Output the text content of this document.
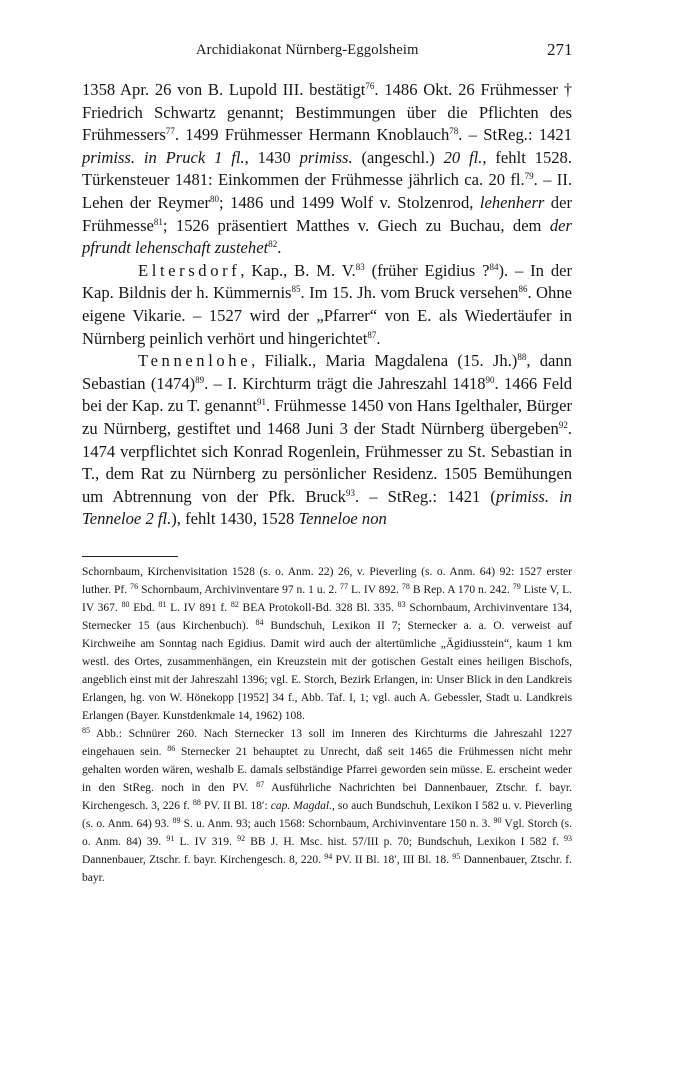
Archidiakonat Nürnberg-Eggolsheim	271

1358 Apr. 26 von B. Lupold III. bestätigt$^{76}$. 1486 Okt. 26 Frühmesser † Friedrich Schwartz genannt; Bestimmungen über die Pflichten des Frühmessers$^{77}$. 1499 Frühmesser Hermann Knoblauch$^{78}$. – StReg.: 1421 primiss. in Pruck 1 fl., 1430 primiss. (angeschl.) 20 fl., fehlt 1528. Türkensteuer 1481: Einkommen der Frühmesse jährlich ca. 20 fl.$^{79}$. – II. Lehen der Reymer$^{80}$; 1486 und 1499 Wolf v. Stolzenrod, lehenherr der Frühmesse$^{81}$; 1526 präsentiert Matthes v. Giech zu Buchau, dem der pfrundt lehenschaft zustehet$^{82}$.

Eltersdorf, Kap., B. M. V.$^{83}$ (früher Egidius ?$^{84}$). – In der Kap. Bildnis der h. Kümmernis$^{85}$. Im 15. Jh. vom Bruck versehen$^{86}$. Ohne eigene Vikarie. – 1527 wird der „Pfarrer“ von E. als Wiedertäufer in Nürnberg peinlich verhört und hingerichtet$^{87}$.

Tennenlohe, Filialk., Maria Magdalena (15. Jh.)$^{88}$, dann Sebastian $(1474)^{89}$. – I. Kirchturm trägt die Jahreszahl 1418$^{90}$. 1466 Feld bei der Kap. zu T. genannt$^{91}$. Frühmesse 1450 von Hans Igelthaler, Bürger zu Nürnberg, gestiftet und 1468 Juni 3 der Stadt Nürnberg übergeben$^{92}$. 1474 verpflichtet sich Konrad Rogenlein, Frühmesser zu St. Sebastian in T., dem Rat zu Nürnberg zu persönlicher Residenz. 1505 Bemühungen um Abtrennung von der Pfk. Bruck$^{93}$. – StReg.: 1421 (primiss. in Tenneloe 2 fl.), fehlt 1430, 1528 Tenneloe non

Schornbaum, Kirchenvisitation 1528 (s. o. Anm. 22) 26, v. Pieverling (s. o. Anm. 64) 92: 1527 erster luther. Pf. $^{76}$ Schornbaum, Archivinventare 97 n. 1 u. 2. $^{77}$ L. IV 892. $^{78}$ B Rep. A 170 n. 242. $^{79}$ Liste V, L. IV 367. $^{80}$ Ebd. $^{81}$ L. IV 891 f. $^{82}$ BEA Protokoll-Bd. 328 Bl. 335. $^{83}$ Schornbaum, Archivinventare 134, Sternecker 15 (aus Kirchenbuch). $^{84}$ Bundschuh, Lexikon II 7; Sternecker a. a. O. verweist auf Kirchweihe am Sonntag nach Egidius. Damit wird auch der altertümliche „Ägidiusstein“, kaum 1 km westl. des Ortes, zusammenhängen, ein Kreuzstein mit der gotischen Gestalt eines heiligen Bischofs, angeblich einst mit der Jahreszahl 1396; vgl. E. Storch, Bezirk Erlangen, in: Unser Blick in den Landkreis Erlangen, hg. von W. Hönekopp [1952] 34 f., Abb. Taf. I, 1; vgl. auch A. Gebessler, Stadt u. Landkreis Erlangen (Bayer. Kunstdenkmale 14, 1962) 108.

$^{85}$ Abb.: Schnürer 260. Nach Sternecker 13 soll im Inneren des Kirchturms die Jahreszahl 1227 eingehauen sein. $^{86}$ Sternecker 21 behauptet zu Unrecht, daß seit 1465 die Frühmessen nicht mehr gehalten worden wären, weshalb E. damals selbständige Pfarrei geworden sein müsse. E. erscheint weder in den StReg. noch in den PV. $^{87}$ Ausführliche Nachrichten bei Dannenbauer, Ztschr. f. bayr. Kirchengesch. 3, 226 f. $^{88}$ PV. II Bl. 18′: cap. Magdal., so auch Bundschuh, Lexikon I 582 u. v. Pieverling (s. o. Anm. 64) 93. $^{89}$ S. u. Anm. 93; auch 1568: Schornbaum, Archivinventare 150 n. 3. $^{90}$ Vgl. Storch (s. o. Anm. 84) 39. $^{91}$ L. IV 319. $^{92}$ BB J. H. Msc. hist. 57/III p. 70; Bundschuh, Lexikon I 582 f. $^{93}$ Dannenbauer, Ztschr. f. bayr. Kirchengesch. 8, 220. $^{94}$ PV. II Bl. 18′, III Bl. 18. $^{95}$ Dannenbauer, Ztschr. f. bayr.
